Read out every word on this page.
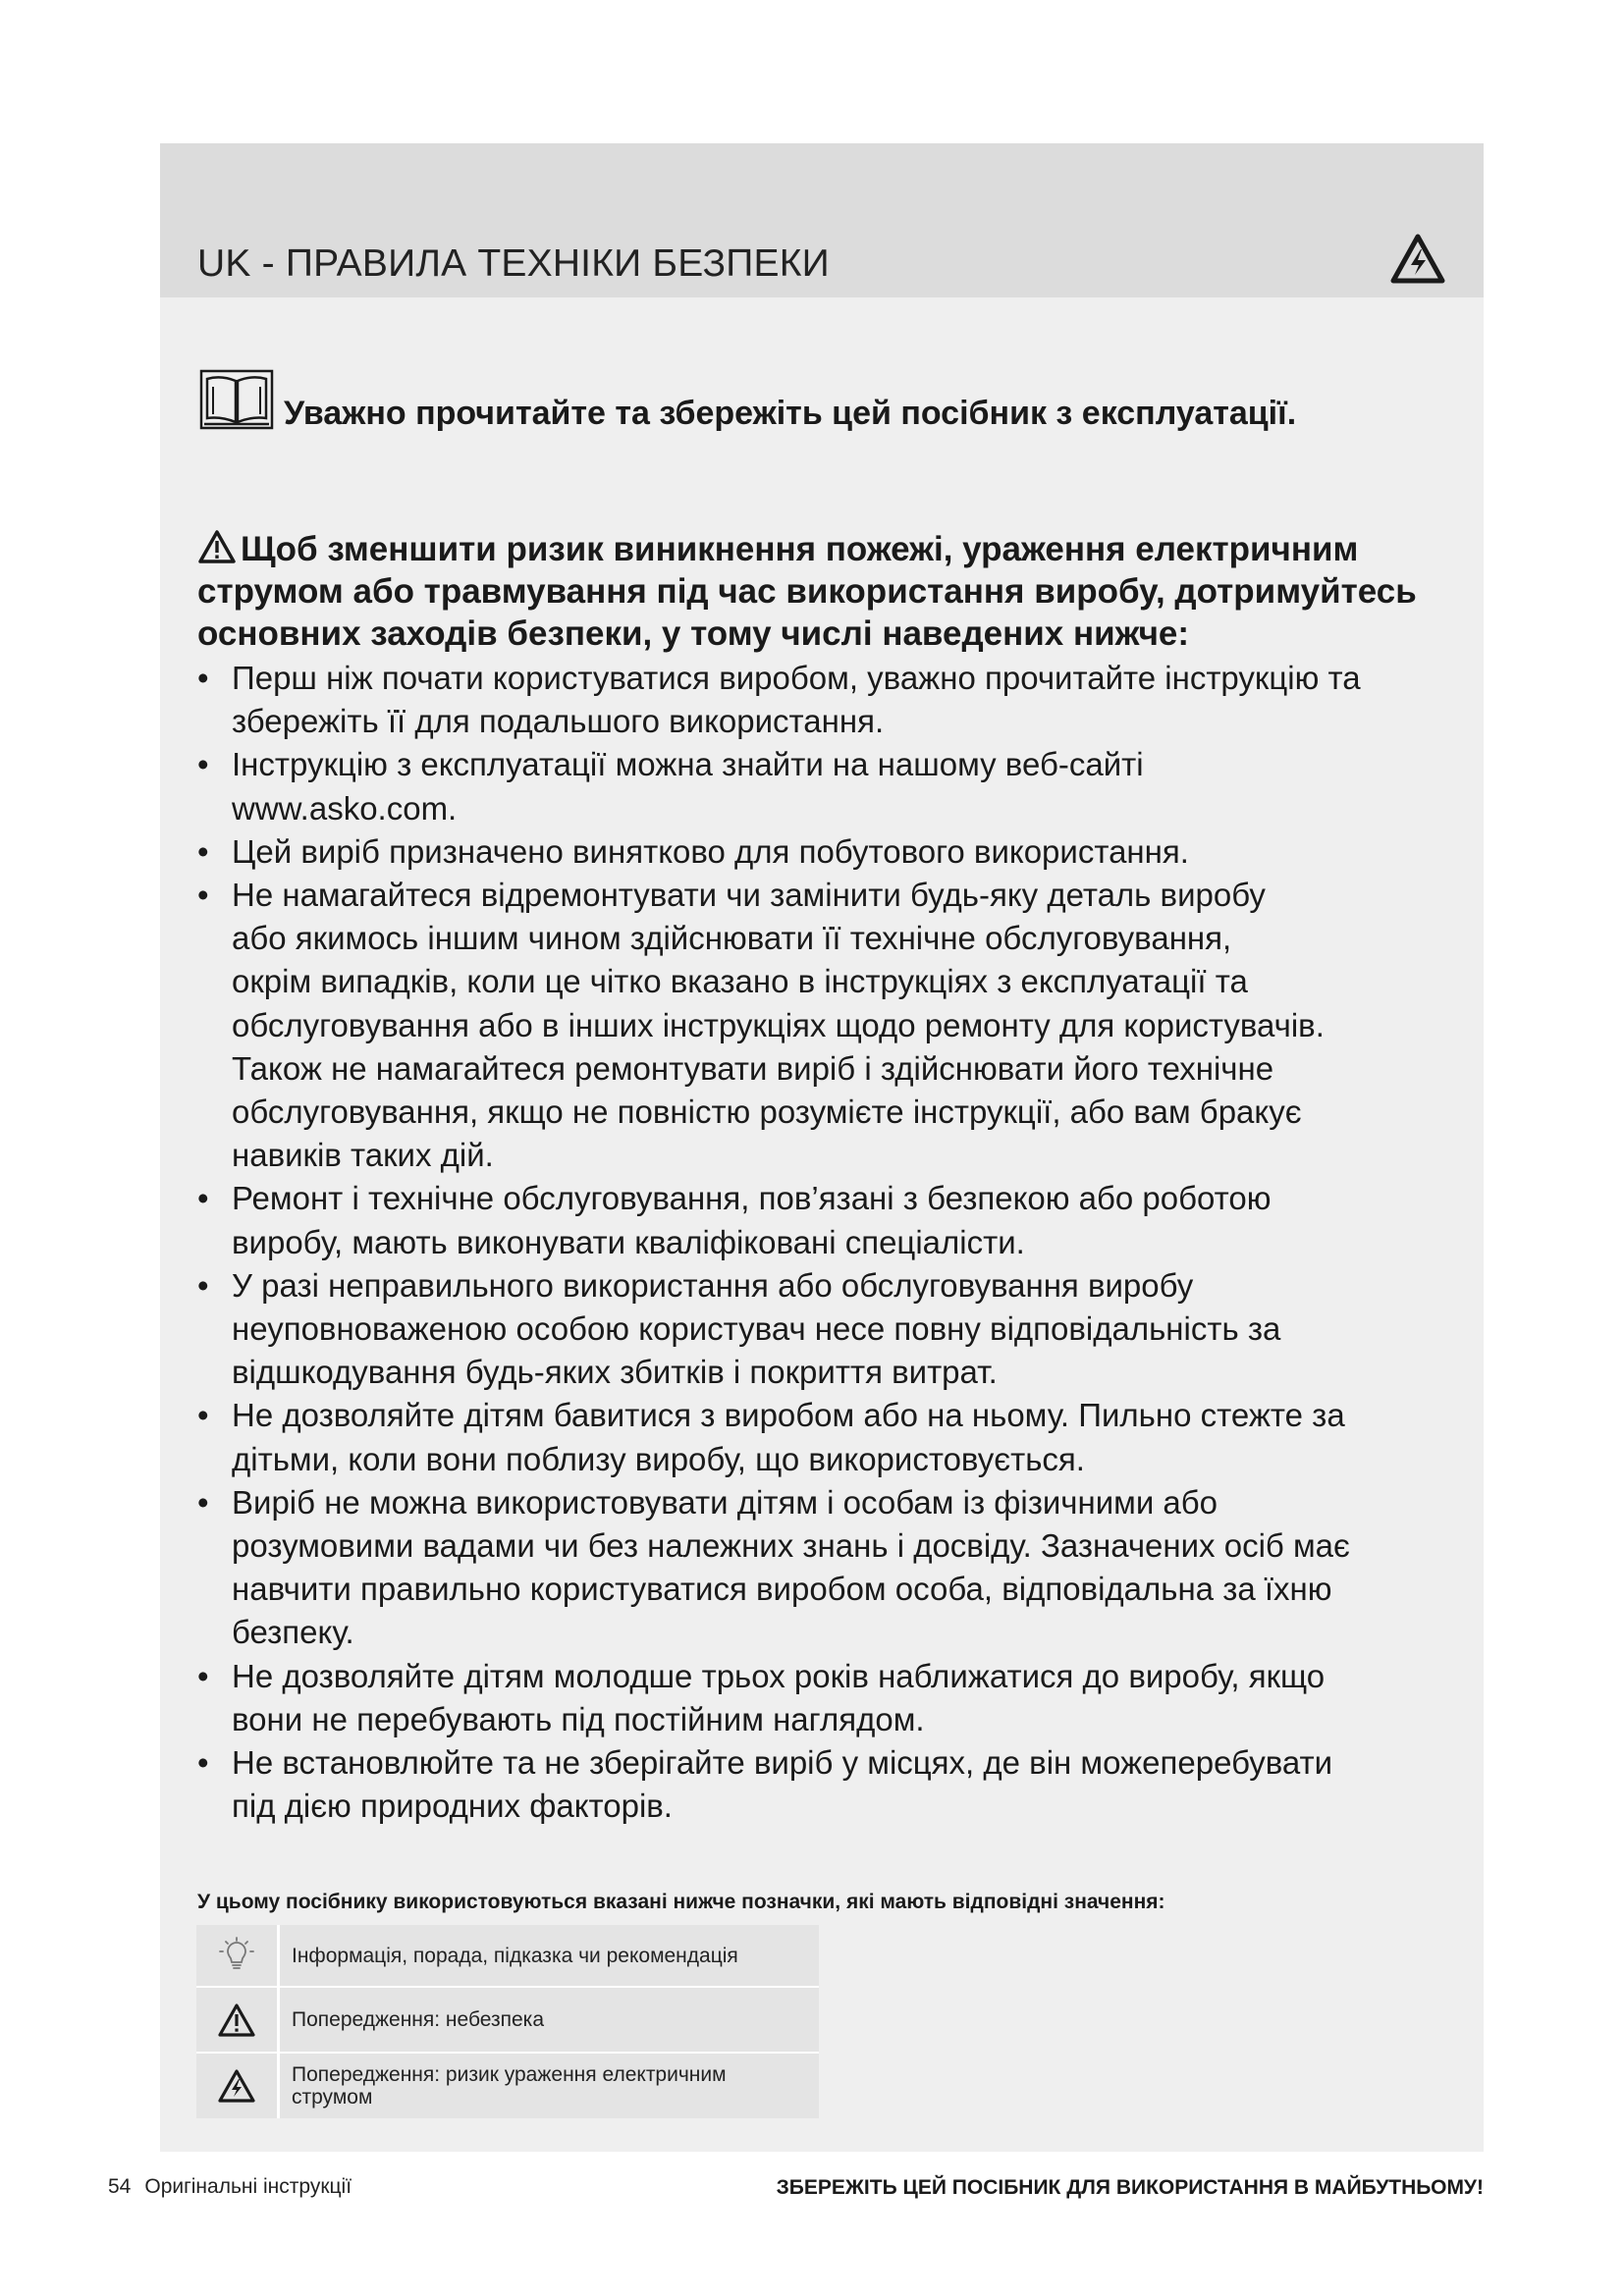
UK - ПРАВИЛА ТЕХНІКИ БЕЗПЕКИ
Уважно прочитайте та збережіть цей посібник з експлуатації.

Щоб зменшити ризик виникнення пожежі, ураження електричним

струмом або травмування під час використання виробу, дотримуйтесь

основних заходів безпеки, у тому числі наведених нижче:

• Перш ніж почати користуватися виробом, уважно прочитайте інструкцію та
збережіть її для подальшого використання.
• Інструкцію з експлуатації можна знайти на нашому веб-сайті
www.asko.com.
• Цей виріб призначено винятково для побутового використання.
• Не намагайтеся відремонтувати чи замінити будь-яку деталь виробу
або якимось іншим чином здійснювати її технічне обслуговування,
окрім випадків, коли це чітко вказано в інструкціях з експлуатації та
обслуговування або в інших інструкціях щодо ремонту для користувачів.
Також не намагайтеся ремонтувати виріб і здійснювати його технічне
обслуговування, якщо не повністю розумієте інструкції, або вам бракує
навиків таких дій.
• Ремонт і технічне обслуговування, пов’язані з безпекою або роботою
виробу, мають виконувати кваліфіковані спеціалісти.
• У разі неправильного використання або обслуговування виробу
неуповноваженою особою користувач несе повну відповідальність за
відшкодування будь-яких збитків і покриття витрат.
• Не дозволяйте дітям бавитися з виробом або на ньому. Пильно стежте за
дітьми, коли вони поблизу виробу, що використовується.
• Виріб не можна використовувати дітям і особам із фізичними або
розумовими вадами чи без належних знань і досвіду. Зазначених осіб має
навчити правильно користуватися виробом особа, відповідальна за їхню
безпеку.
• Не дозволяйте дітям молодше трьох років наближатися до виробу, якщо
вони не перебувають під постійним наглядом.
• Не встановлюйте та не зберігайте виріб у місцях, де він можеперебувати
під дією природних факторів.
У цьому посібнику використовуються вказані нижче позначки, які мають відповідні значення:
Інформація, порада, підказка чи рекомендація
Попередження: небезпека
Попередження: ризик ураження електричним
струмом
54 Оригінальні інструкції	ЗБЕРЕЖІТЬ ЦЕЙ ПОСІБНИК ДЛЯ ВИКОРИСТАННЯ В МАЙБУТНЬОМУ!
